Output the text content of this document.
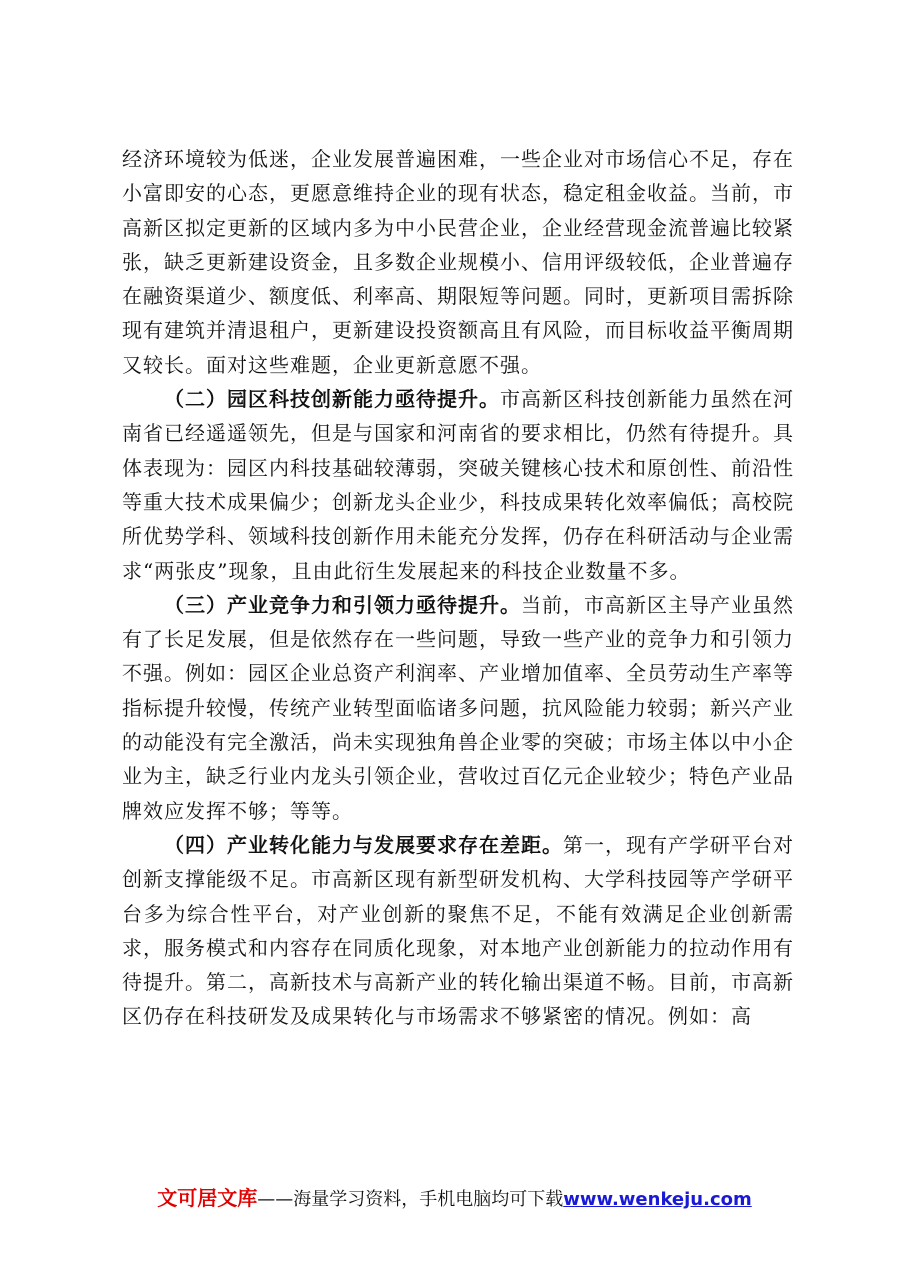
经济环境较为低迷，企业发展普遍困难，一些企业对市场信心不足，存在小富即安的心态，更愿意维持企业的现有状态，稳定租金收益。当前，市高新区拟定更新的区域内多为中小民营企业，企业经营现金流普遍比较紧张，缺乏更新建设资金，且多数企业规模小、信用评级较低，企业普遍存在融资渠道少、额度低、利率高、期限短等问题。同时，更新项目需拆除现有建筑并清退租户，更新建设投资额高且有风险，而目标收益平衡周期又较长。面对这些难题，企业更新意愿不强。

（二）园区科技创新能力亟待提升。市高新区科技创新能力虽然在河南省已经遥遥领先，但是与国家和河南省的要求相比，仍然有待提升。具体表现为：园区内科技基础较薄弱，突破关键核心技术和原创性、前沿性等重大技术成果偏少；创新龙头企业少，科技成果转化效率偏低；高校院所优势学科、领域科技创新作用未能充分发挥，仍存在科研活动与企业需求“两张皮”现象，且由此衍生发展起来的科技企业数量不多。

（三）产业竞争力和引领力亟待提升。当前，市高新区主导产业虽然有了长足发展，但是依然存在一些问题，导致一些产业的竞争力和引领力不强。例如：园区企业总资产利润率、产业增加值率、全员劳动生产率等指标提升较慢，传统产业转型面临诸多问题，抗风险能力较弱；新兴产业的动能没有完全激活，尚未实现独角兽企业零的突破；市场主体以中小企业为主，缺乏行业内龙头引领企业，营收过百亿元企业较少；特色产业品牌效应发挥不够；等等。

（四）产业转化能力与发展要求存在差距。第一，现有产学研平台对创新支撑能级不足。市高新区现有新型研发机构、大学科技园等产学研平台多为综合性平台，对产业创新的聚焦不足，不能有效满足企业创新需求，服务模式和内容存在同质化现象，对本地产业创新能力的拉动作用有待提升。第二，高新技术与高新产业的转化输出渠道不畅。目前，市高新区仍存在科技研发及成果转化与市场需求不够紧密的情况。例如：高

文可居文库——海量学习资料，手机电脑均可下载www.wenkeju.com
